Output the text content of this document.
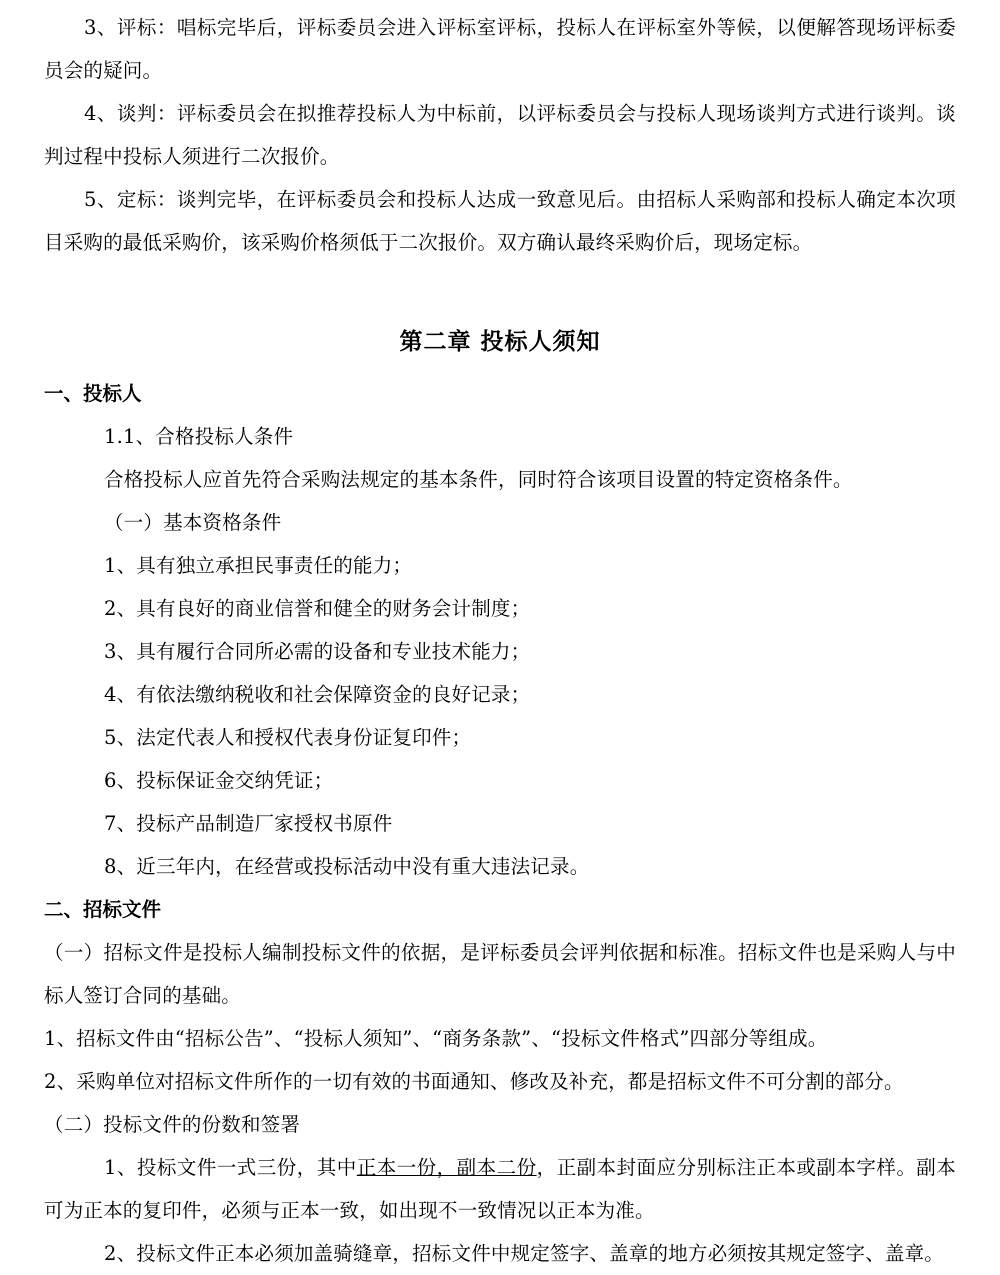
3、评标：唱标完毕后，评标委员会进入评标室评标，投标人在评标室外等候，以便解答现场评标委员会的疑问。

4、谈判：评标委员会在拟推荐投标人为中标前，以评标委员会与投标人现场谈判方式进行谈判。谈判过程中投标人须进行二次报价。

5、定标：谈判完毕，在评标委员会和投标人达成一致意见后。由招标人采购部和投标人确定本次项目采购的最低采购价，该采购价格须低于二次报价。双方确认最终采购价后，现场定标。

第二章 投标人须知
一、投标人

1.1、合格投标人条件

合格投标人应首先符合采购法规定的基本条件，同时符合该项目设置的特定资格条件。

（一）基本资格条件

1、具有独立承担民事责任的能力；

2、具有良好的商业信誉和健全的财务会计制度；

3、具有履行合同所必需的设备和专业技术能力；

4、有依法缴纳税收和社会保障资金的良好记录；

5、法定代表人和授权代表身份证复印件；

6、投标保证金交纳凭证；

7、投标产品制造厂家授权书原件

8、近三年内，在经营或投标活动中没有重大违法记录。

二、招标文件

（一）招标文件是投标人编制投标文件的依据，是评标委员会评判依据和标准。招标文件也是采购人与中标人签订合同的基础。

1、招标文件由“招标公告”、“投标人须知”、“商务条款”、“投标文件格式”四部分等组成。

2、采购单位对招标文件所作的一切有效的书面通知、修改及补充，都是招标文件不可分割的部分。

（二）投标文件的份数和签署

1、投标文件一式三份，其中正本一份，副本二份，正副本封面应分别标注正本或副本字样。副本可为正本的复印件，必须与正本一致，如出现不一致情况以正本为准。

2、投标文件正本必须加盖骑缝章，招标文件中规定签字、盖章的地方必须按其规定签字、盖章。
